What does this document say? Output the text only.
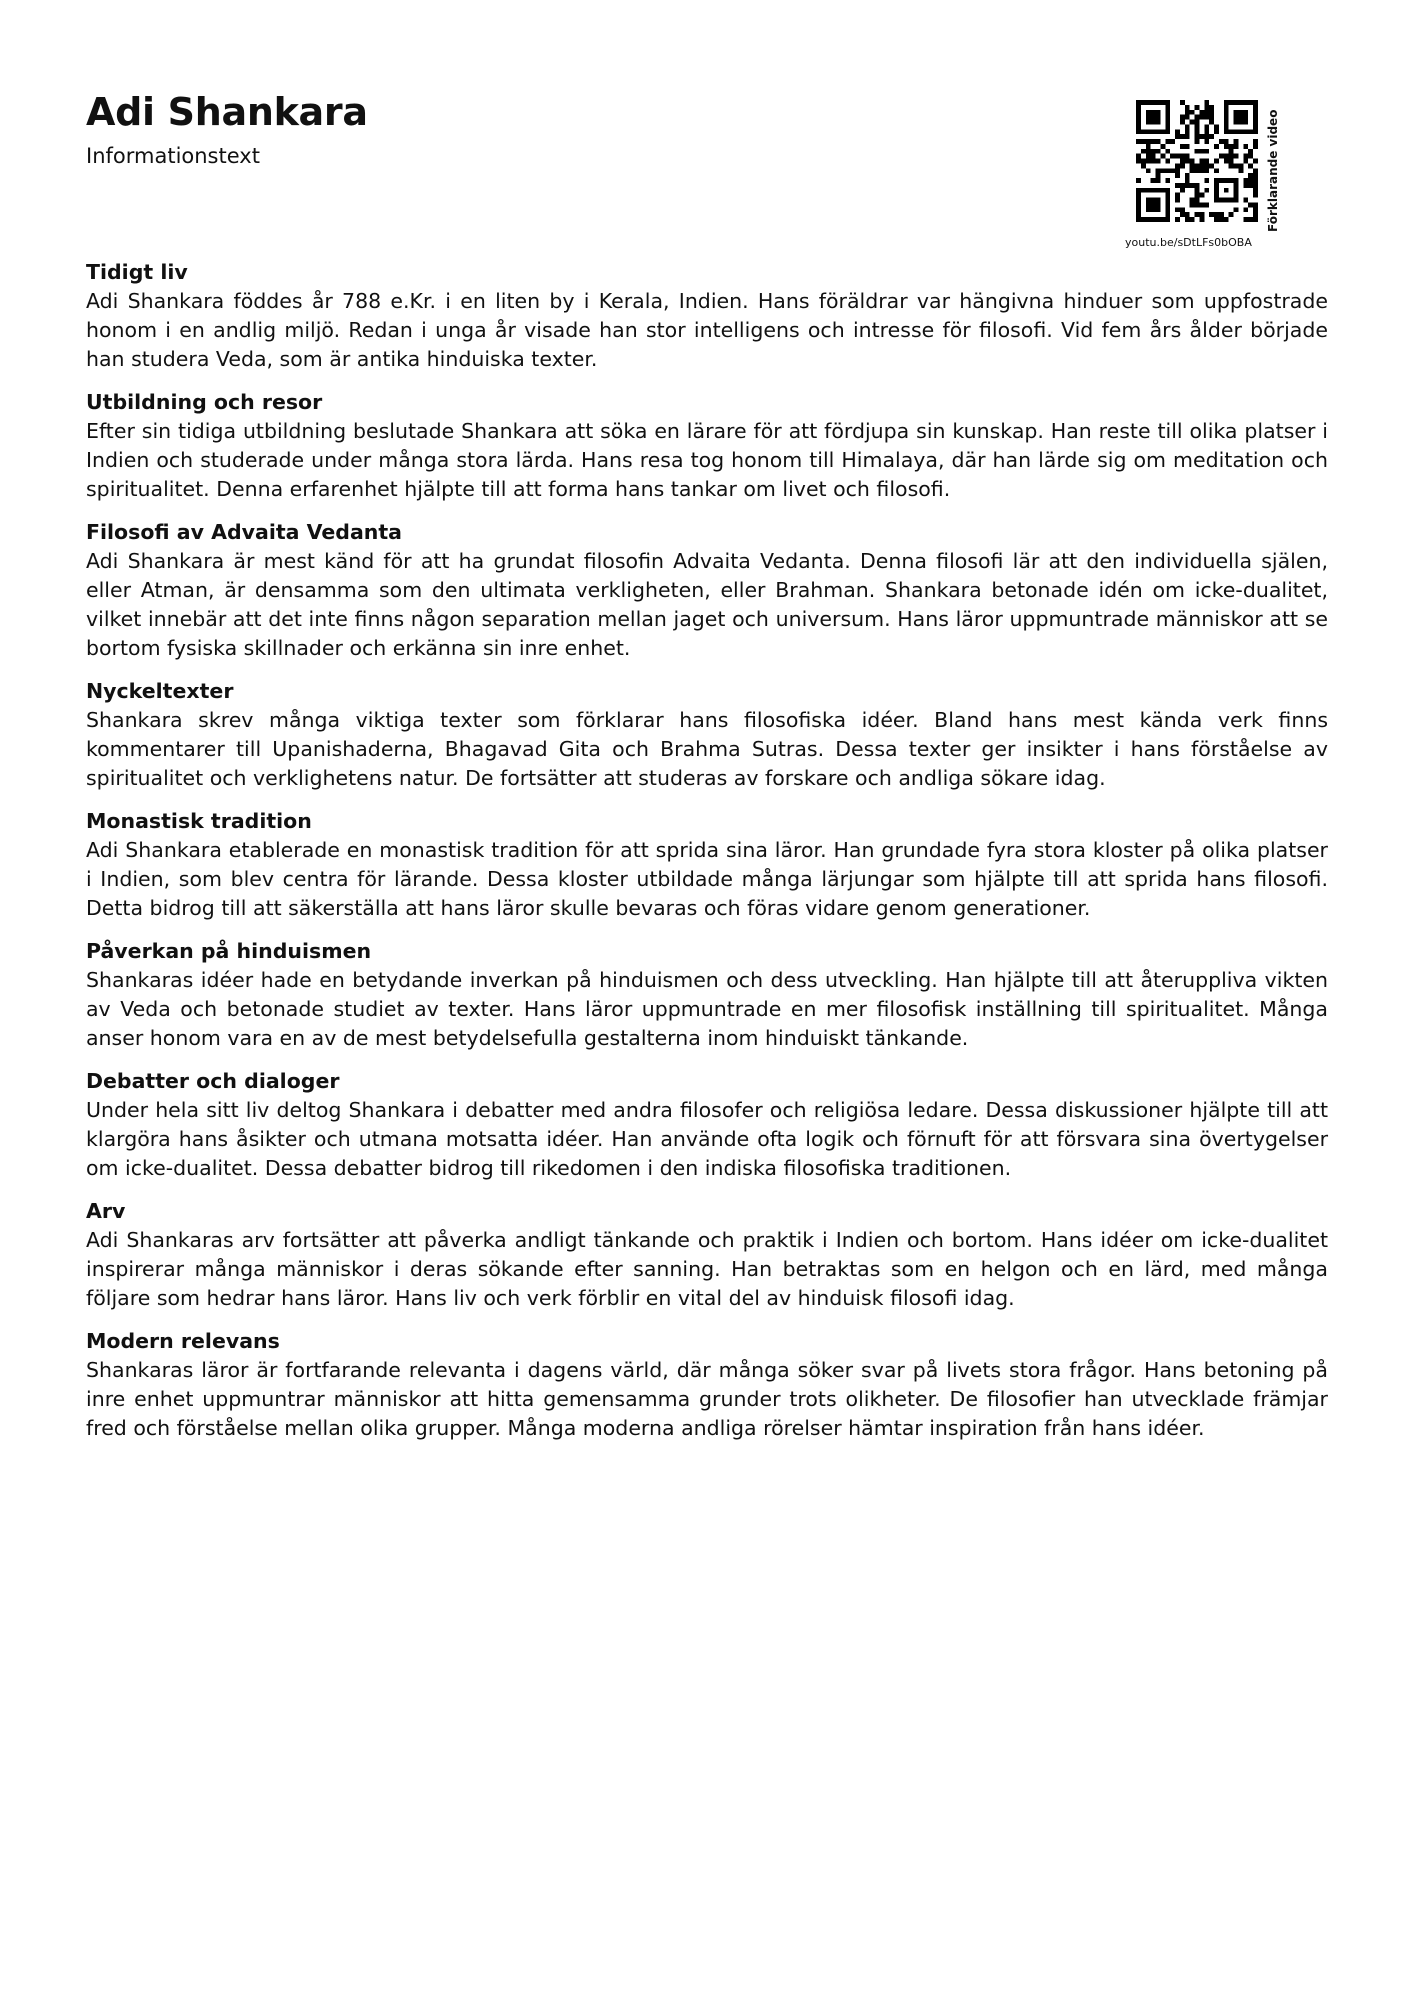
Adi Shankara

Informationstext	Förklarande video
youtu.be/sDtLFs0bOBA
Tidigt liv

Adi Shankara föddes år 788 e.Kr. i en liten by i Kerala, Indien. Hans föräldrar var hängivna hinduer som uppfostrade honom i en andlig miljö. Redan i unga år visade han stor intelligens och intresse för filosofi. Vid fem års ålder började han studera Veda, som är antika hinduiska texter.

Utbildning och resor

Efter sin tidiga utbildning beslutade Shankara att söka en lärare för att fördjupa sin kunskap. Han reste till olika platser i Indien och studerade under många stora lärda. Hans resa tog honom till Himalaya, där han lärde sig om meditation och spiritualitet. Denna erfarenhet hjälpte till att forma hans tankar om livet och filosofi.

Filosofi av Advaita Vedanta

Adi Shankara är mest känd för att ha grundat filosofin Advaita Vedanta. Denna filosofi lär att den individuella själen, eller Atman, är densamma som den ultimata verkligheten, eller Brahman. Shankara betonade idén om icke-dualitet, vilket innebär att det inte finns någon separation mellan jaget och universum. Hans läror uppmuntrade människor att se bortom fysiska skillnader och erkänna sin inre enhet.

Nyckeltexter

Shankara skrev många viktiga texter som förklarar hans filosofiska idéer. Bland hans mest kända verk finns kommentarer till Upanishaderna, Bhagavad Gita och Brahma Sutras. Dessa texter ger insikter i hans förståelse av spiritualitet och verklighetens natur. De fortsätter att studeras av forskare och andliga sökare idag.

Monastisk tradition

Adi Shankara etablerade en monastisk tradition för att sprida sina läror. Han grundade fyra stora kloster på olika platser i Indien, som blev centra för lärande. Dessa kloster utbildade många lärjungar som hjälpte till att sprida hans filosofi. Detta bidrog till att säkerställa att hans läror skulle bevaras och föras vidare genom generationer.

Påverkan på hinduismen

Shankaras idéer hade en betydande inverkan på hinduismen och dess utveckling. Han hjälpte till att återuppliva vikten av Veda och betonade studiet av texter. Hans läror uppmuntrade en mer filosofisk inställning till spiritualitet. Många anser honom vara en av de mest betydelsefulla gestalterna inom hinduiskt tänkande.

Debatter och dialoger

Under hela sitt liv deltog Shankara i debatter med andra filosofer och religiösa ledare. Dessa diskussioner hjälpte till att klargöra hans åsikter och utmana motsatta idéer. Han använde ofta logik och förnuft för att försvara sina övertygelser om icke-dualitet. Dessa debatter bidrog till rikedomen i den indiska filosofiska traditionen.

Arv

Adi Shankaras arv fortsätter att påverka andligt tänkande och praktik i Indien och bortom. Hans idéer om icke-dualitet inspirerar många människor i deras sökande efter sanning. Han betraktas som en helgon och en lärd, med många följare som hedrar hans läror. Hans liv och verk förblir en vital del av hinduisk filosofi idag.

Modern relevans

Shankaras läror är fortfarande relevanta i dagens värld, där många söker svar på livets stora frågor. Hans betoning på inre enhet uppmuntrar människor att hitta gemensamma grunder trots olikheter. De filosofier han utvecklade främjar fred och förståelse mellan olika grupper. Många moderna andliga rörelser hämtar inspiration från hans idéer.
